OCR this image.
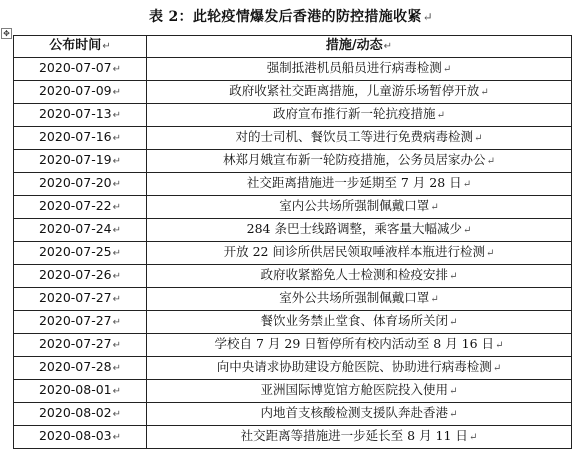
表 2：此轮疫情爆发后香港的防控措施收紧↵
✥
公布时间↵	措施/动态↵
2020-07-07↵	强制抵港机员船员进行病毒检测↵
2020-07-09↵	政府收紧社交距离措施，儿童游乐场暂停开放↵
2020-07-13↵	政府宣布推行新一轮抗疫措施↵
2020-07-16↵	对的士司机、餐饮员工等进行免费病毒检测↵
2020-07-19↵	林郑月娥宣布新一轮防疫措施，公务员居家办公↵
2020-07-20↵	社交距离措施进一步延期至 7 月 28 日↵
2020-07-22↵	室内公共场所强制佩戴口罩↵
2020-07-24↵	284 条巴士线路调整，乘客量大幅减少↵
2020-07-25↵	开放 22 间诊所供居民领取唾液样本瓶进行检测↵
2020-07-26↵	政府收紧豁免人士检测和检疫安排↵
2020-07-27↵	室外公共场所强制佩戴口罩↵
2020-07-27↵	餐饮业务禁止堂食、体育场所关闭↵
2020-07-27↵	学校自 7 月 29 日暂停所有校内活动至 8 月 16 日↵
2020-07-28↵	向中央请求协助建设方舱医院、协助进行病毒检测↵
2020-08-01↵	亚洲国际博览馆方舱医院投入使用↵
2020-08-02↵	内地首支核酸检测支援队奔赴香港↵
2020-08-03↵	社交距离等措施进一步延长至 8 月 11 日↵
